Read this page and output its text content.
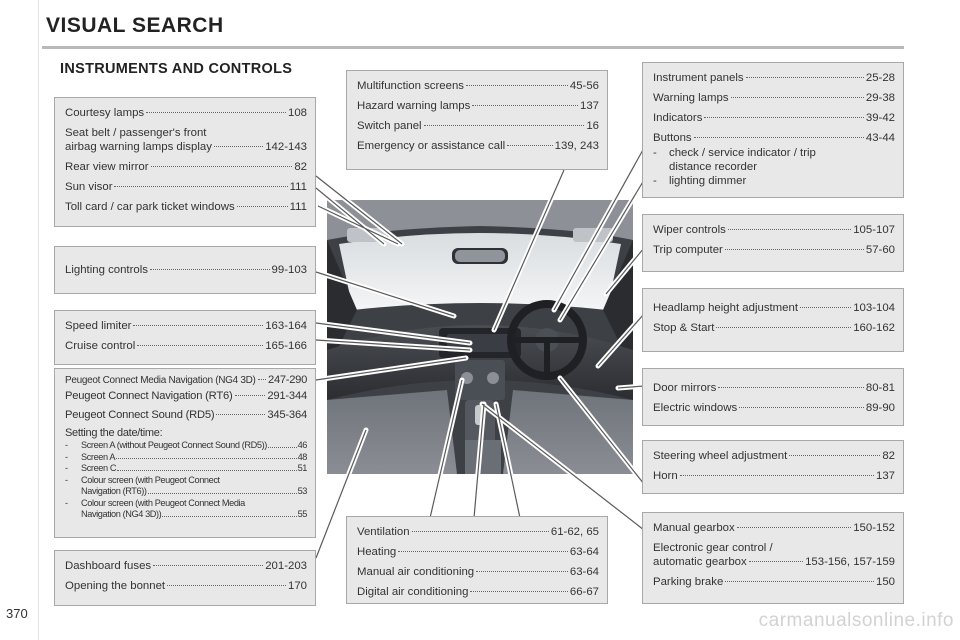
VISUAL SEARCH
INSTRUMENTS AND CONTROLS
Courtesy lamps	108
Seat belt / passenger's front
airbag warning lamps display	142-143
Rear view mirror	82
Sun visor	111
Toll card / car park ticket windows	111
Lighting controls	99-103
Speed limiter	163-164
Cruise control	165-166
Peugeot Connect Media Navigation (NG4 3D) 247-290
Peugeot Connect Navigation (RT6)	291-344
Peugeot Connect Sound (RD5)	345-364
Setting the date/time:
-	Screen A (without Peugeot Connect Sound (RD5))	46
-	Screen A	48
-	Screen C	51
-	Colour screen (with Peugeot Connect
Navigation (RT6))	53
-	Colour screen (with Peugeot Connect Media
Navigation (NG4 3D))	55
Dashboard fuses	201-203
Opening the bonnet	170
Multifunction screens	45-56
Hazard warning lamps	137
Switch panel	16
Emergency or assistance call	139, 243
Ventilation	61-62, 65
Heating	63-64
Manual air conditioning	63-64
Digital air conditioning	66-67
Instrument panels	25-28
Warning lamps	29-38
Indicators	39-42
Buttons	43-44
-	check / service indicator / trip
distance recorder
-	lighting dimmer
Wiper controls	105-107
Trip computer	57-60
Headlamp height adjustment	103-104
Stop & Start	160-162
Door mirrors	80-81
Electric windows	89-90
Steering wheel adjustment	82
Horn	137
Manual gearbox	150-152
Electronic gear control /
automatic gearbox	153-156, 157-159
Parking brake	150
370	carmanualsonline.info
